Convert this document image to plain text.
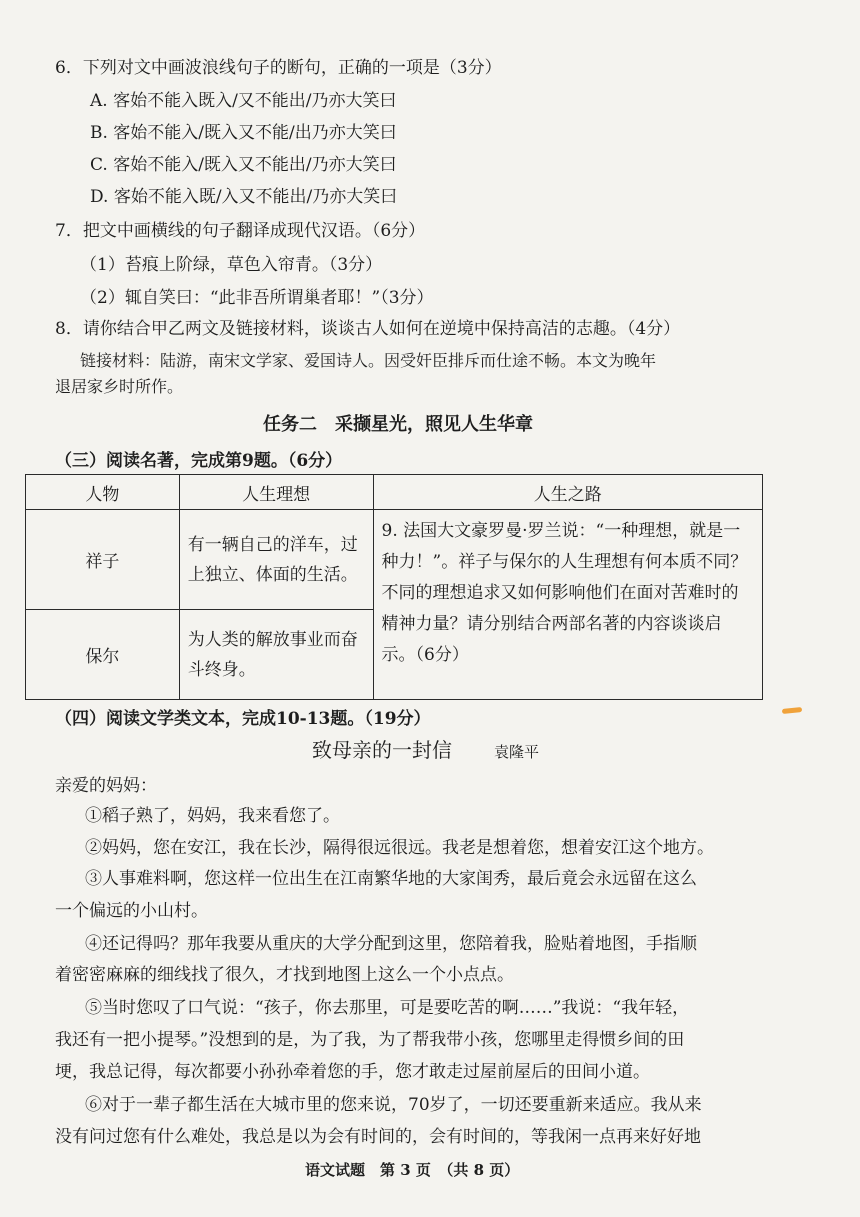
6．下列对文中画波浪线句子的断句，正确的一项是（3分）
A. 客始不能入既入/又不能出/乃亦大笑曰
B. 客始不能入/既入又不能/出乃亦大笑曰
C. 客始不能入/既入又不能出/乃亦大笑曰
D. 客始不能入既/入又不能出/乃亦大笑曰
7．把文中画横线的句子翻译成现代汉语。（6分）
（1）苔痕上阶绿，草色入帘青。（3分）
（2）辄自笑曰：“此非吾所谓巢者耶！”（3分）
8．请你结合甲乙两文及链接材料，谈谈古人如何在逆境中保持高洁的志趣。（4分）
链接材料：陆游，南宋文学家、爱国诗人。因受奸臣排斥而仕途不畅。本文为晚年
退居家乡时所作。
任务二　采撷星光，照见人生华章
（三）阅读名著，完成第9题。（6分）
人物	人生理想	人生之路
祥子	有一辆自己的洋车，过上独立、体面的生活。	9. 法国大文豪罗曼·罗兰说：“一种理想，就是一种力！”。祥子与保尔的人生理想有何本质不同？不同的理想追求又如何影响他们在面对苦难时的精神力量？请分别结合两部名著的内容谈谈启示。（6分）
保尔	为人类的解放事业而奋斗终身。	
（四）阅读文学类文本，完成10-13题。（19分）
致母亲的一封信	袁隆平
亲爱的妈妈：
①稻子熟了，妈妈，我来看您了。
②妈妈，您在安江，我在长沙，隔得很远很远。我老是想着您，想着安江这个地方。
③人事难料啊，您这样一位出生在江南繁华地的大家闺秀，最后竟会永远留在这么
一个偏远的小山村。
④还记得吗？那年我要从重庆的大学分配到这里，您陪着我，脸贴着地图，手指顺
着密密麻麻的细线找了很久，才找到地图上这么一个小点点。
⑤当时您叹了口气说：“孩子，你去那里，可是要吃苦的啊……”我说：“我年轻，
我还有一把小提琴。”没想到的是，为了我，为了帮我带小孩，您哪里走得惯乡间的田
埂，我总记得，每次都要小孙孙牵着您的手，您才敢走过屋前屋后的田间小道。
⑥对于一辈子都生活在大城市里的您来说，70岁了，一切还要重新来适应。我从来
没有问过您有什么难处，我总是以为会有时间的，会有时间的，等我闲一点再来好好地
语文试题　第 3 页　（共 8 页）
